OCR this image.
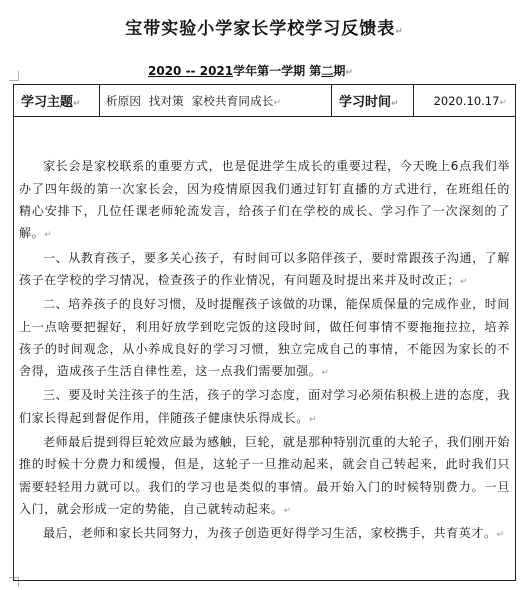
宝带实验小学家长学校学习反馈表↵
2020 -- 2021学年第一学期 第二期↵
学习主题↵	析原因  找对策  家校共育同成长↵	学习时间↵	2020.10.17↵

家长会是家校联系的重要方式，也是促进学生成长的重要过程，今天晚上6点我们举办了四年级的第一次家长会，因为疫情原因我们通过钉钉直播的方式进行，在班组任的精心安排下，几位任课老师轮流发言，给孩子们在学校的成长、学习作了一次深刻的了解。↵

一、从教育孩子，要多关心孩子，有时间可以多陪伴孩子，要时常跟孩子沟通，了解孩子在学校的学习情况，检查孩子的作业情况，有问题及时提出来并及时改正；↵

二、培养孩子的良好习惯，及时提醒孩子该做的功课，能保质保量的完成作业，时间上一点啥要把握好，利用好放学到吃完饭的这段时间，做任何事情不要拖拖拉拉，培养孩子的时间观念，从小养成良好的学习习惯，独立完成自己的事情，不能因为家长的不舍得，造成孩子生活自律性差，这一点我们需要加强。↵

三、要及时关注孩子的生活，孩子的学习态度，面对学习必须佑积极上进的态度，我们家长得起到督促作用，伴随孩子健康快乐得成长。↵

老师最后提到得巨轮效应最为感触，巨轮，就是那种特别沉重的大轮子，我们刚开始推的时候十分费力和缓慢，但是，这轮子一旦推动起来，就会自己转起来，此时我们只需要轻轻用力就可以。我们的学习也是类似的事情。最开始入门的时候特别费力。一旦入门，就会形成一定的势能，自己就转动起来。↵

最后，老师和家长共同努力，为孩子创造更好得学习生活，家校携手，共育英才。↵
